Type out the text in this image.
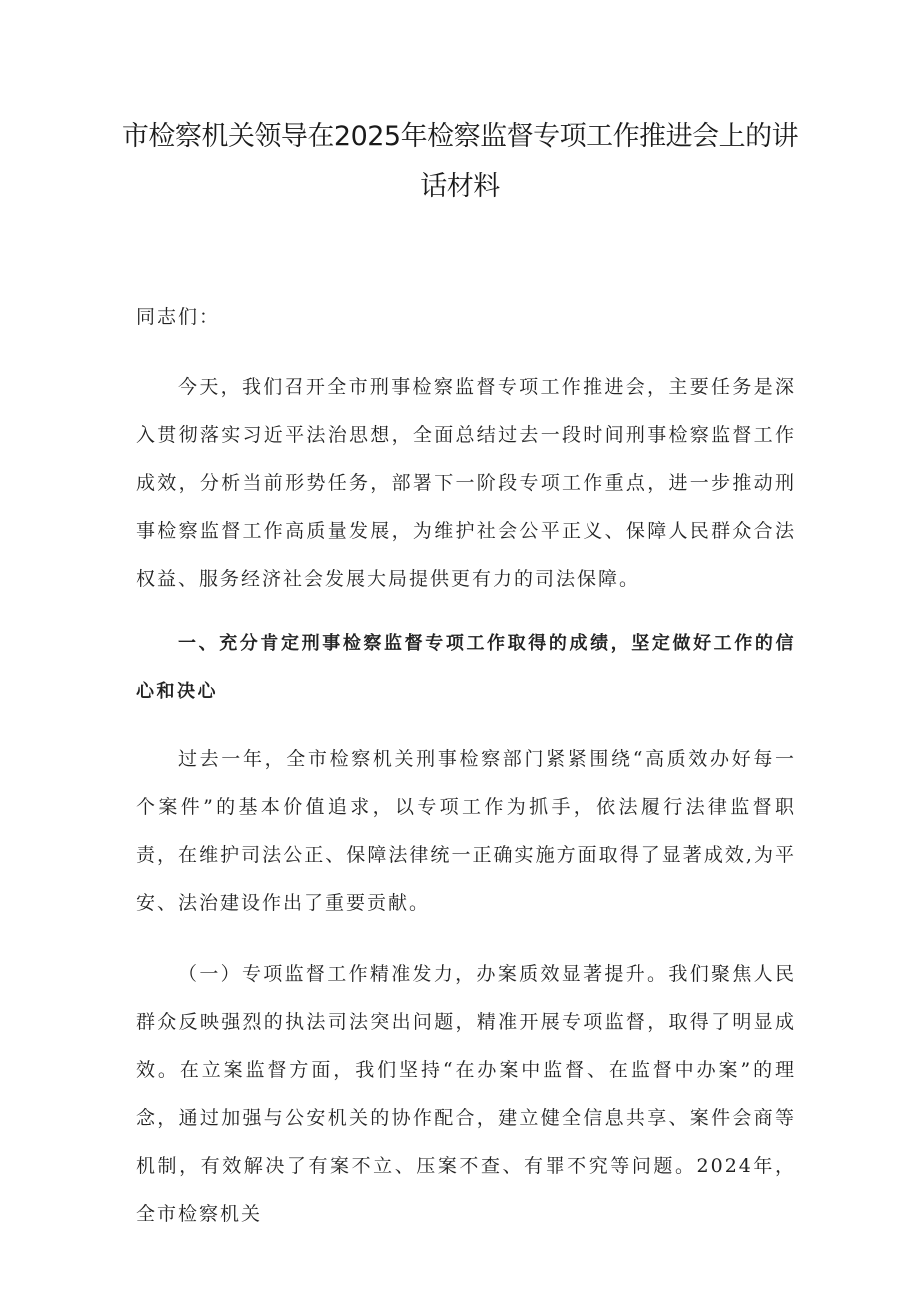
市检察机关领导在2025年检察监督专项工作推进会上的讲话材料

同志们：

今天，我们召开全市刑事检察监督专项工作推进会，主要任务是深入贯彻落实习近平法治思想，全面总结过去一段时间刑事检察监督工作成效，分析当前形势任务，部署下一阶段专项工作重点，进一步推动刑事检察监督工作高质量发展，为维护社会公平正义、保障人民群众合法权益、服务经济社会发展大局提供更有力的司法保障。

一、充分肯定刑事检察监督专项工作取得的成绩，坚定做好工作的信心和决心

过去一年，全市检察机关刑事检察部门紧紧围绕“高质效办好每一个案件”的基本价值追求，以专项工作为抓手，依法履行法律监督职责，在维护司法公正、保障法律统一正确实施方面取得了显著成效,为平安、法治建设作出了重要贡献。

（一）专项监督工作精准发力，办案质效显著提升。我们聚焦人民群众反映强烈的执法司法突出问题，精准开展专项监督，取得了明显成效。在立案监督方面，我们坚持“在办案中监督、在监督中办案”的理念，通过加强与公安机关的协作配合，建立健全信息共享、案件会商等机制，有效解决了有案不立、压案不查、有罪不究等问题。2024年，全市检察机关
